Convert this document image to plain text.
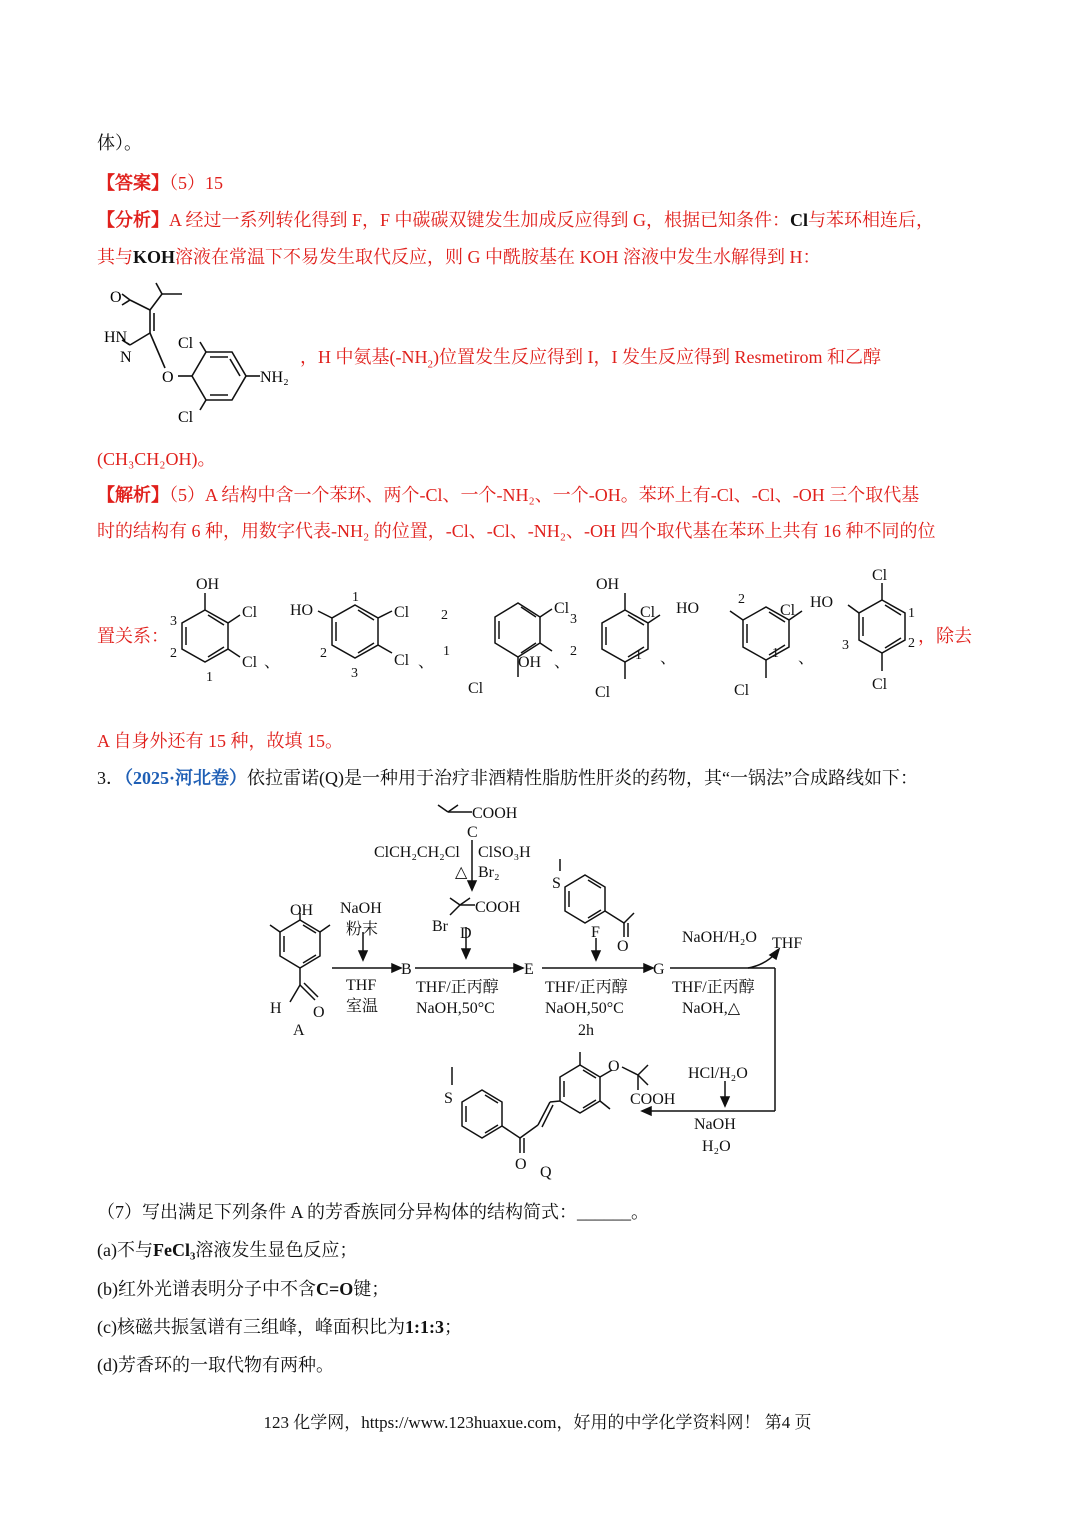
体）。
【答案】（5）15
【分析】A 经过一系列转化得到 F，F 中碳碳双键发生加成反应得到 G，根据已知条件：Cl与苯环相连后，
其与KOH溶液在常温下不易发生取代反应，则 G 中酰胺基在 KOH 溶液中发生水解得到 H：
O
HN
N
Cl
O	NH₂
Cl
，H 中氨基$(-NH_2)$位置发生反应得到 I，I 发生反应得到 Resmetirom 和乙醇
(CH₃CH₂OH)。
【解析】（5）A 结构中含一个苯环、两个-Cl、一个-NH₂、一个-OH。苯环上有-Cl、-Cl、-OH 三个取代基
时的结构有 6 种，用数字代表-NH₂ 的位置，-Cl、-Cl、-NH₂、-OH 四个取代基在苯环上共有 16 种不同的位
置关系：	，除去
OH
Cl
Cl
3
2
1
、
HO	Cl
Cl
1
2
3
、
2
1
Cl
OH
Cl
、
OH
Cl
Cl
3
2	1 、
HO
2
Cl
1
Cl
、
HO
Cl
1
2
3
Cl
A 自身外还有 15 种，故填 15。
3．（2025·河北卷）依拉雷诺(Q)是一种用于治疗非酒精性脂肪性肝炎的药物，其“一锅法”合成路线如下：
COOH
C
ClCH₂CH₂Cl ClSO₃H
△ Br₂
Br
COOH
D
S
F
O
OH
H O
A
NaOH
粉末
THF
室温
B	E	G
THF/正丙醇
NaOH,50°C
THF/正丙醇
NaOH,50°C
2h
NaOH/H₂O THF
THF/正丙醇
NaOH,△
HCl/H₂O
NaOH
H₂O
S
O
O
COOH
Q
（7）写出满足下列条件 A 的芳香族同分异构体的结构简式：______。
(a)不与FeCl₃溶液发生显色反应；
(b)红外光谱表明分子中不含C=O键；
(c)核磁共振氢谱有三组峰，峰面积比为1:1:3；
(d)芳香环的一取代物有两种。
123 化学网，https://www.123huaxue.com，好用的中学化学资料网！ 第4 页
